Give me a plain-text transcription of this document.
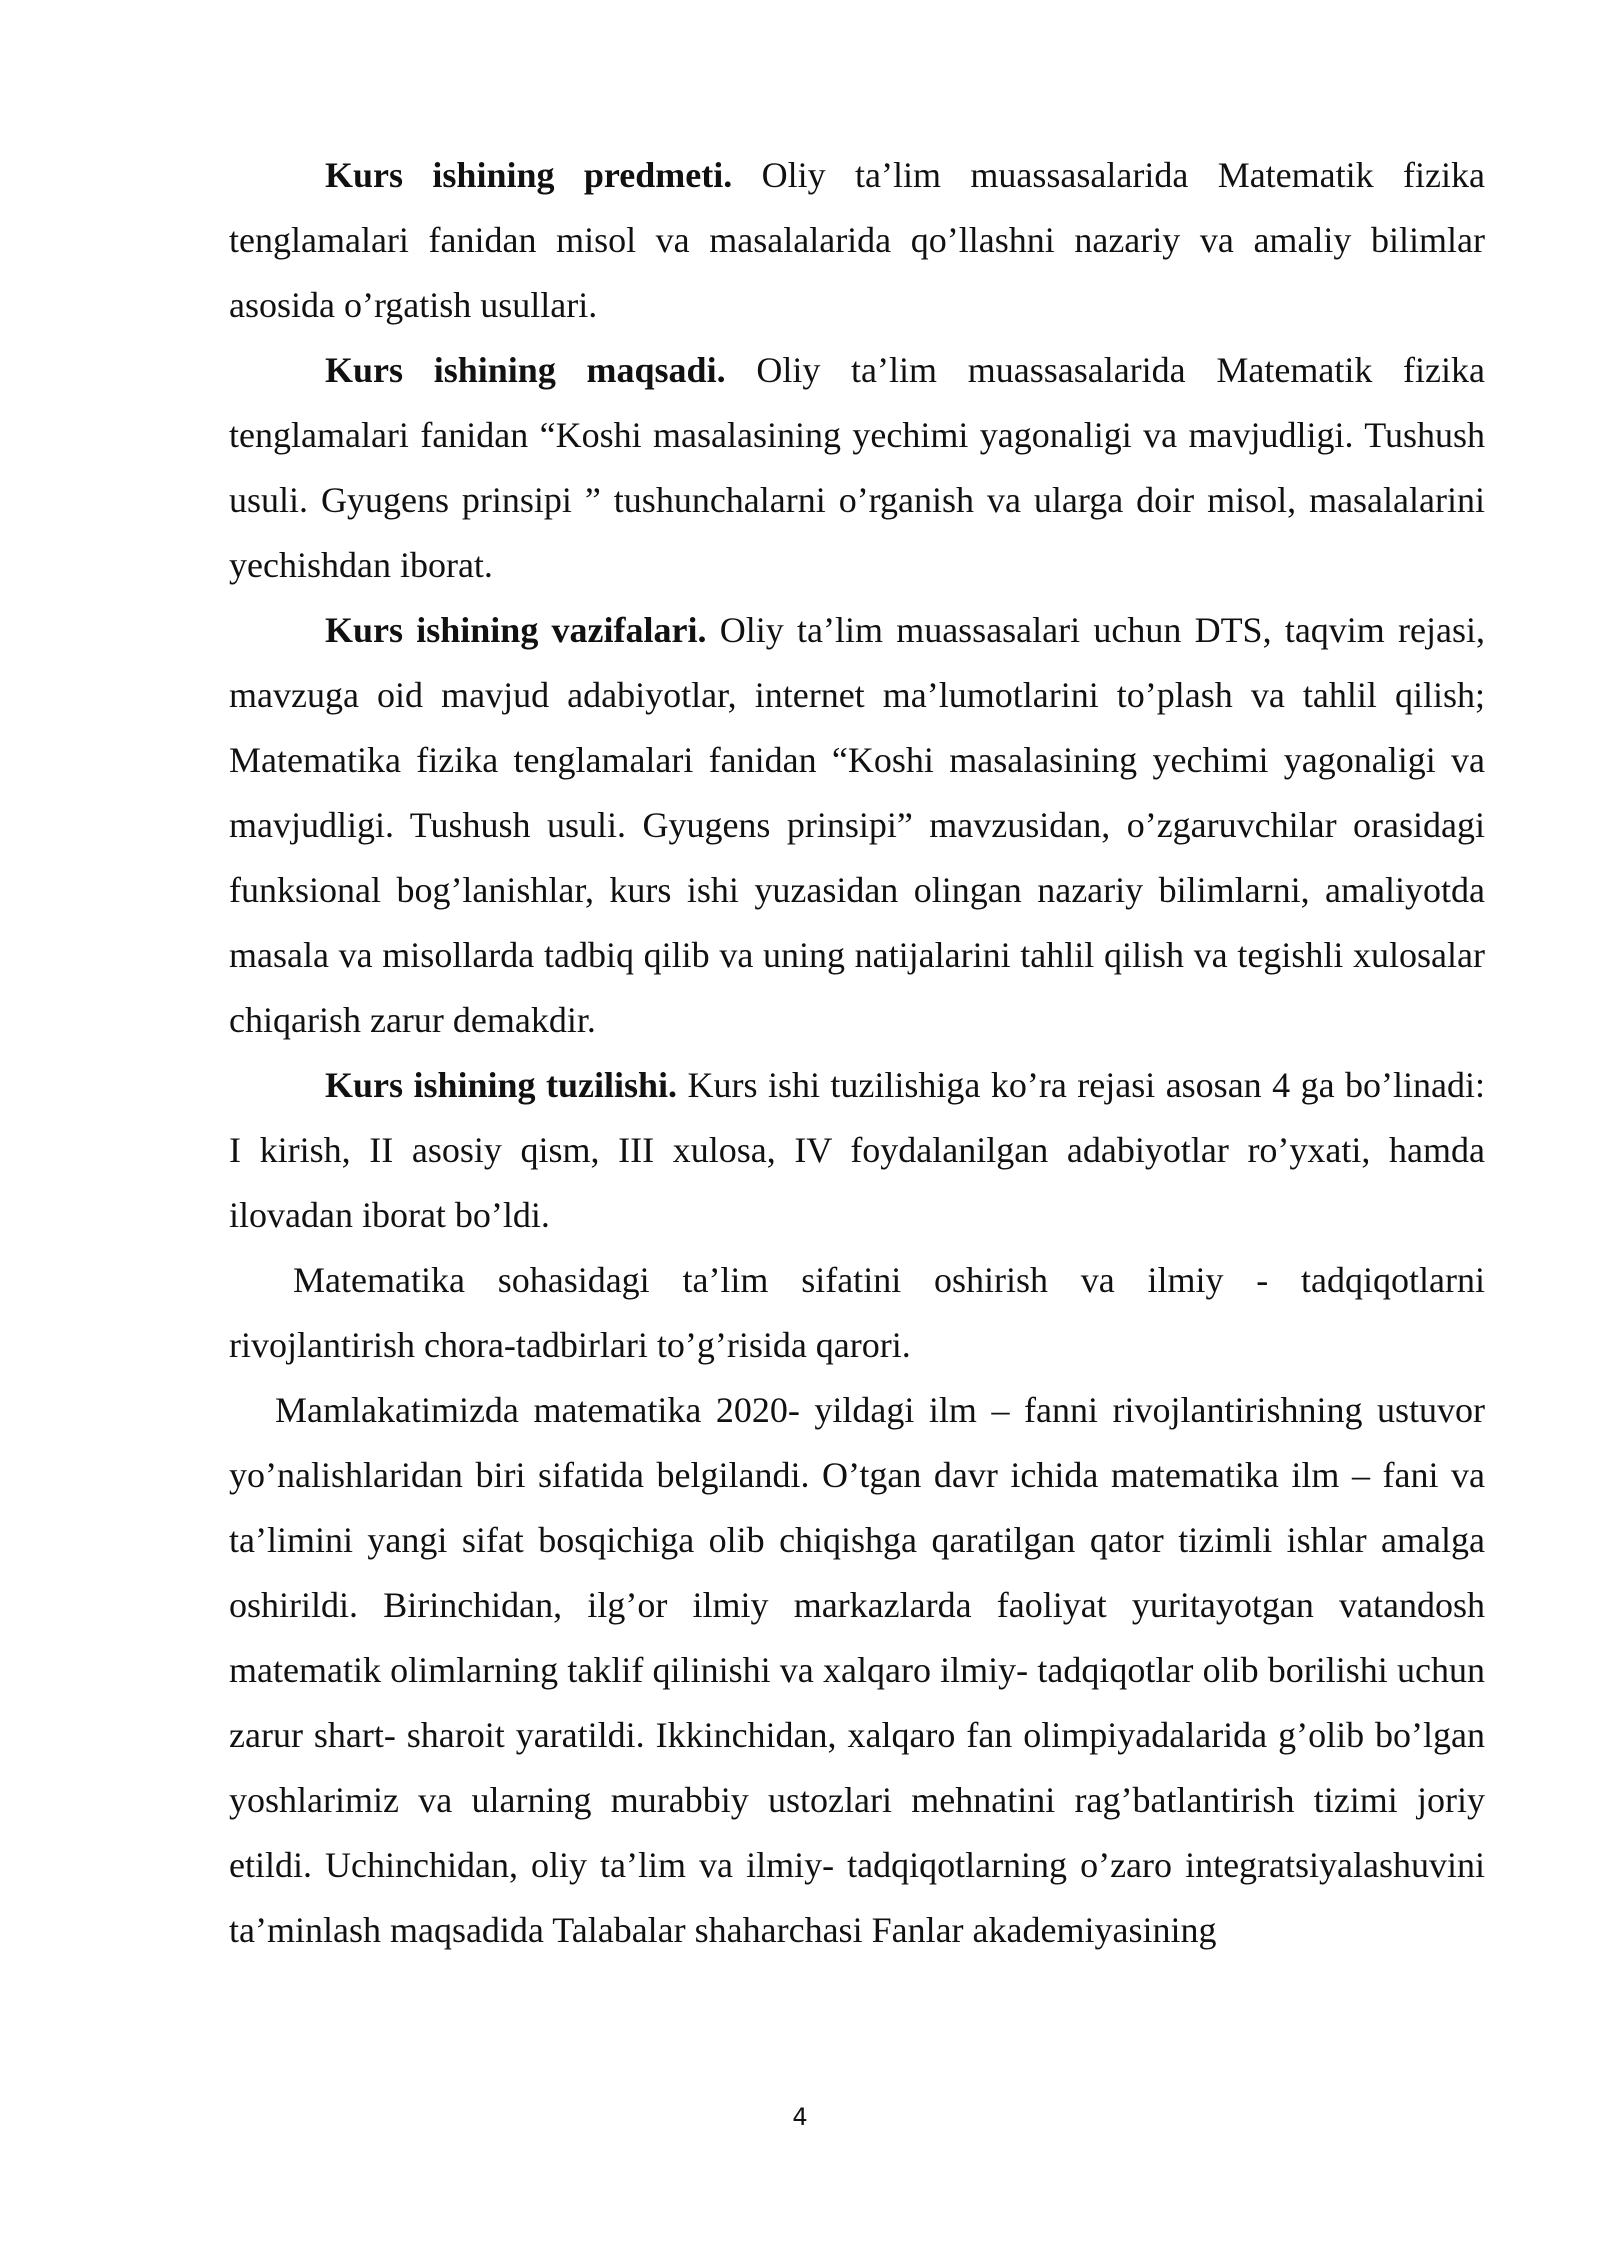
Kurs ishining predmeti. Oliy ta’lim muassasalarida Matematik fizika tenglamalari fanidan misol va masalalarida qo’llashni nazariy va amaliy bilimlar asosida o’rgatish usullari.

Kurs ishining maqsadi. Oliy ta’lim muassasalarida Matematik fizika tenglamalari fanidan “Koshi masalasining yechimi yagonaligi va mavjudligi. Tushush usuli. Gyugens prinsipi ” tushunchalarni o’rganish va ularga doir misol, masalalarini yechishdan iborat.

Kurs ishining vazifalari. Oliy ta’lim muassasalari uchun DTS, taqvim rejasi, mavzuga oid mavjud adabiyotlar, internet ma’lumotlarini to’plash va tahlil qilish; Matematika fizika tenglamalari fanidan “Koshi masalasining yechimi yagonaligi va mavjudligi. Tushush usuli. Gyugens prinsipi” mavzusidan, o’zgaruvchilar orasidagi funksional bog’lanishlar, kurs ishi yuzasidan olingan nazariy bilimlarni, amaliyotda masala va misollarda tadbiq qilib va uning natijalarini tahlil qilish va tegishli xulosalar chiqarish zarur demakdir.

Kurs ishining tuzilishi. Kurs ishi tuzilishiga ko’ra rejasi asosan 4 ga bo’linadi: I kirish, II asosiy qism, III xulosa, IV foydalanilgan adabiyotlar ro’yxati, hamda ilovadan iborat bo’ldi.

Matematika sohasidagi ta’lim sifatini oshirish va ilmiy - tadqiqotlarni rivojlantirish chora-tadbirlari to’g’risida qarori.

Mamlakatimizda matematika 2020- yildagi ilm – fanni rivojlantirishning ustuvor yo’nalishlaridan biri sifatida belgilandi. O’tgan davr ichida matematika ilm – fani va ta’limini yangi sifat bosqichiga olib chiqishga qaratilgan qator tizimli ishlar amalga oshirildi. Birinchidan, ilg’or ilmiy markazlarda faoliyat yuritayotgan vatandosh matematik olimlarning taklif qilinishi va xalqaro ilmiy- tadqiqotlar olib borilishi uchun zarur shart- sharoit yaratildi. Ikkinchidan, xalqaro fan olimpiyadalarida g’olib bo’lgan yoshlarimiz va ularning murabbiy ustozlari mehnatini rag’batlantirish tizimi joriy etildi. Uchinchidan, oliy ta’lim va ilmiy- tadqiqotlarning o’zaro integratsiyalashuvini ta’minlash maqsadida Talabalar shaharchasi Fanlar akademiyasining

4
